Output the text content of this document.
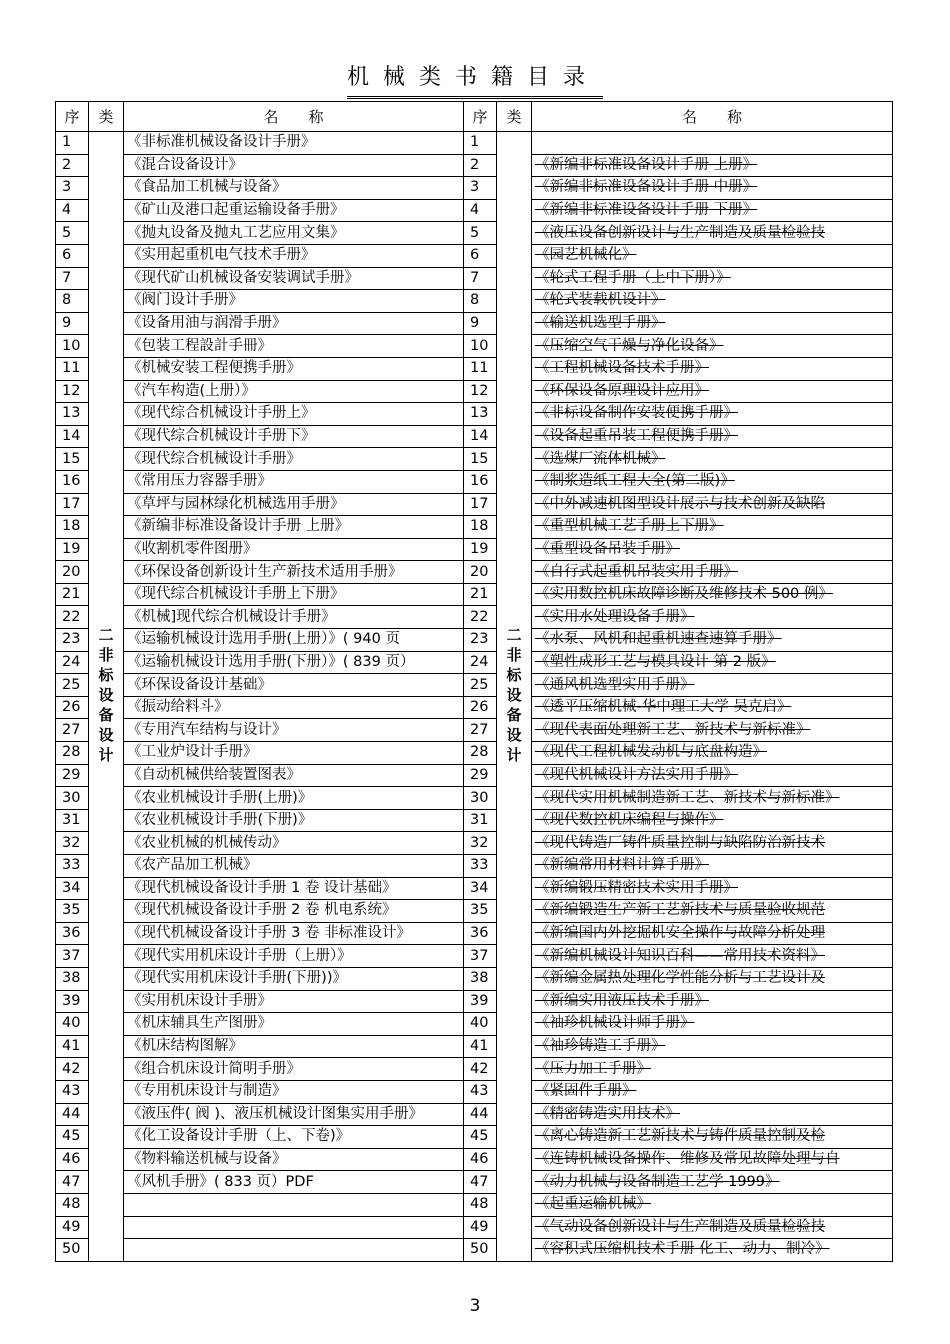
机械类书籍目录
序	类	名　　称	序	类	名　　称
1	二非标设备设计	《非标准机械设备设计手册》	1	二非标设备设计	
2		《混合设备设计》	2		《新编非标准设备设计手册 上册》
3		《食品加工机械与设备》	3		《新编非标准设备设计手册 中册》
4		《矿山及港口起重运输设备手册》	4		《新编非标准设备设计手册 下册》
5		《抛丸设备及抛丸工艺应用文集》	5		《液压设备创新设计与生产制造及质量检验技
6		《实用起重机电气技术手册》	6		《园艺机械化》
7		《现代矿山机械设备安装调试手册》	7		《轮式工程手册（上中下册）》
8		《阀门设计手册》	8		《轮式装载机设计》
9		《设备用油与润滑手册》	9		《输送机选型手册》
10		《包装工程設計手冊》	10		《压缩空气干燥与净化设备》
11		《机械安装工程便携手册》	11		《工程机械设备技术手册》
12		《汽车构造(上册）》	12		《环保设备原理设计应用》
13		《现代综合机械设计手册上》	13		《非标设备制作安装便携手册》
14		《现代综合机械设计手册下》	14		《设备起重吊装工程便携手册》
15		《现代综合机械设计手册》	15		《选煤厂流体机械》
16		《常用压力容器手册》	16		《制浆造纸工程大全(第二版)》
17		《草坪与园林绿化机械选用手册》	17		《中外减速机图型设计展示与技术创新及缺陷
18		《新编非标准设备设计手册 上册》	18		《重型机械工艺手册上下册》
19		《收割机零件图册》	19		《重型设备吊装手册》
20		《环保设备创新设计生产新技术适用手册》	20		《自行式起重机吊装实用手册》
21		《现代综合机械设计手册上下册》	21		《实用数控机床故障诊断及维修技术 500 例》
22		《机械]现代综合机械设计手册》	22		《实用水处理设备手册》
23		《运输机械设计选用手册(上册）》( 940 页	23		《水泵、风机和起重机速查速算手册》
24		《运输机械设计选用手册(下册）》( 839 页）	24		《塑性成形工艺与模具设计 第 2 版》
25		《环保设备设计基础》	25		《通风机选型实用手册》
26		《振动给料斗》	26		《透平压缩机械-华中理工大学 吴克启》
27		《专用汽车结构与设计》	27		《现代表面处理新工艺、新技术与新标准》
28		《工业炉设计手册》	28		《现代工程机械发动机与底盘构造》
29		《自动机械供给装置图表》	29		《现代机械设计方法实用手册》
30		《农业机械设计手册(上册)》	30		《现代实用机械制造新工艺、新技术与新标准》
31		《农业机械设计手册(下册)》	31		《现代数控机床编程与操作》
32		《农业机械的机械传动》	32		《现代铸造厂铸件质量控制与缺陷防治新技术
33		《农产品加工机械》	33		《新编常用材料计算手册》
34		《现代机械设备设计手册 1 卷 设计基础》	34		《新编锻压精密技术实用手册》
35		《现代机械设备设计手册 2 卷 机电系统》	35		《新编锻造生产新工艺新技术与质量验收规范
36		《现代机械设备设计手册 3 卷 非标准设计》	36		《新编国内外挖掘机安全操作与故障分析处理
37		《现代实用机床设计手册（上册）》	37		《新编机械设计知识百科——常用技术资料》
38		《现代实用机床设计手册(下册))》	38		《新编金属热处理化学性能分析与工艺设计及
39		《实用机床设计手册》	39		《新编实用液压技术手册》
40		《机床辅具生产图册》	40		《袖珍机械设计师手册》
41		《机床结构图解》	41		《袖珍铸造工手册》
42		《组合机床设计简明手册》	42		《压力加工手册》
43		《专用机床设计与制造》	43		《紧固件手册》
44		《液压件( 阀 )、液压机械设计图集实用手册》	44		《精密铸造实用技术》
45		《化工设备设计手册（上、下卷)》	45		《离心铸造新工艺新技术与铸件质量控制及检
46		《物料输送机械与设备》	46		《连铸机械设备操作、维修及常见故障处理与自
47		《风机手册》( 833 页）PDF	47		《动力机械与设备制造工艺学 1999》
48			48		《起重运输机械》
49			49		《气动设备创新设计与生产制造及质量检验技
50			50		《容积式压缩机技术手册 化工、动力、制冷》
3
